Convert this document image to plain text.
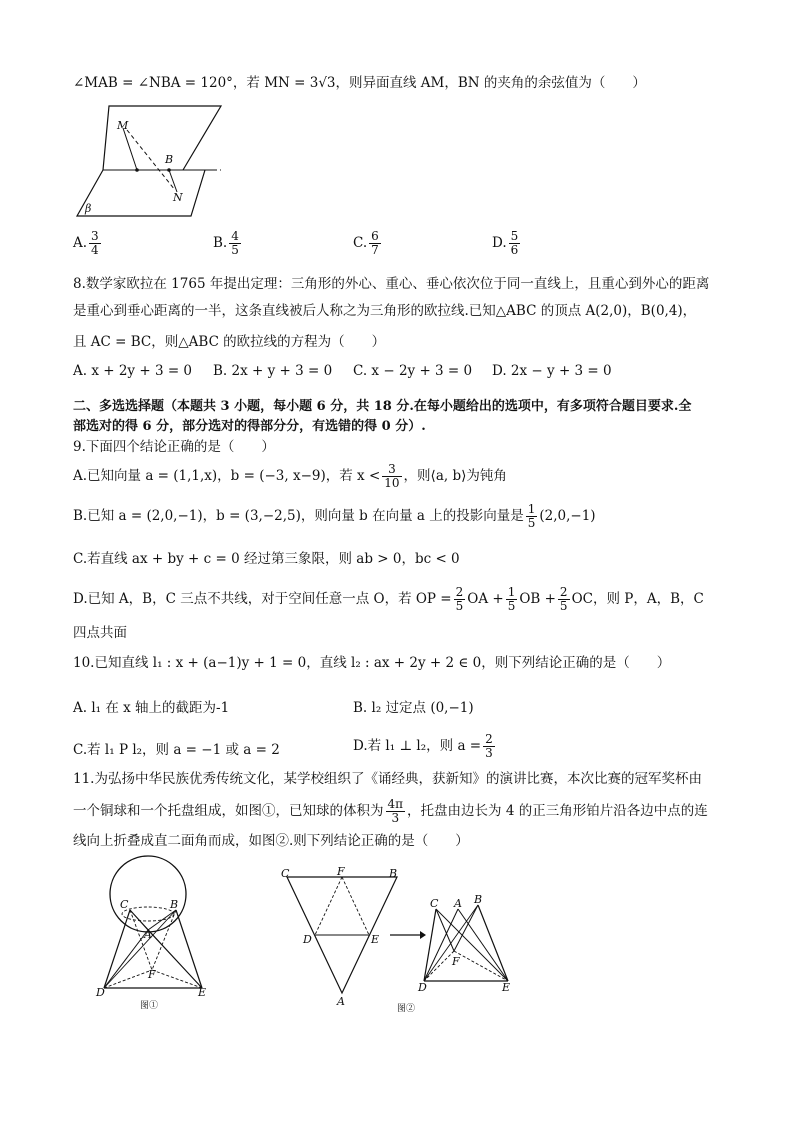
∠MAB = ∠NBA = 120°，若 MN = 3√3，则异面直线 AM，BN 的夹角的余弦值为（　　）
M
B
N
β
A. $\frac{3}{4}$	B. $\frac{4}{5}$	C. $\frac{6}{7}$	D. $\frac{5}{6}$
8.数学家欧拉在 1765 年提出定理：三角形的外心、重心、垂心依次位于同一直线上，且重心到外心的距离
是重心到垂心距离的一半，这条直线被后人称之为三角形的欧拉线.已知△ABC 的顶点 A(2,0)，B(0,4)，
且 AC = BC，则△ABC 的欧拉线的方程为（　　）
A. x + 2y + 3 = 0 B. 2x + y + 3 = 0 C. x − 2y + 3 = 0 D. 2x − y + 3 = 0
二、多选选择题（本题共 3 小题，每小题 6 分，共 18 分.在每小题给出的选项中，有多项符合题目要求.全
部选对的得 6 分，部分选对的得部分分，有选错的得 0 分）.
9.下面四个结论正确的是（　　）
A.已知向量 a = (1,1,x)，b = (−3, x−9)，若 $x < \frac{3}{10}$ ，则⟨a, b⟩为钝角
B.已知 a = (2,0,−1)，b = (3,−2,5)，则向量 b 在向量 a 上的投影向量是 $\frac{1}{5} (2,0,-1)$
C.若直线 ax + by + c = 0 经过第三象限，则 ab > 0，bc < 0
D.已知 A，B，C 三点不共线，对于空间任意一点 O，若 OP = $\frac{2}{5}$ OA + $\frac{1}{5}$ OB + $\frac{2}{5}$ OC，则 P，A，B，C
四点共面
10.已知直线 l₁ : x + (a−1)y + 1 = 0，直线 l₂ : ax + 2y + 2 ∈ 0，则下列结论正确的是（　　）
A. l₁ 在 x 轴上的截距为-1	B. l₂ 过定点 (0,−1)
C.若 l₁ P l₂，则 a = −1 或 a = 2	D.若 l₁ ⊥ l₂，则 $a = \frac{2}{3}$
11.为弘扬中华民族优秀传统文化，某学校组织了《诵经典，获新知》的演讲比赛，本次比赛的冠军奖杯由
一个铜球和一个托盘组成，如图①，已知球的体积为 $\frac{4\pi}{3}$ ，托盘由边长为 4 的正三角形铂片沿各边中点的连
线向上折叠成直二面角而成，如图②.则下列结论正确的是（　　）
C	B
A
F
D	E
图①
C	F	B
D	E
A
图②
C A B
F
D	E
